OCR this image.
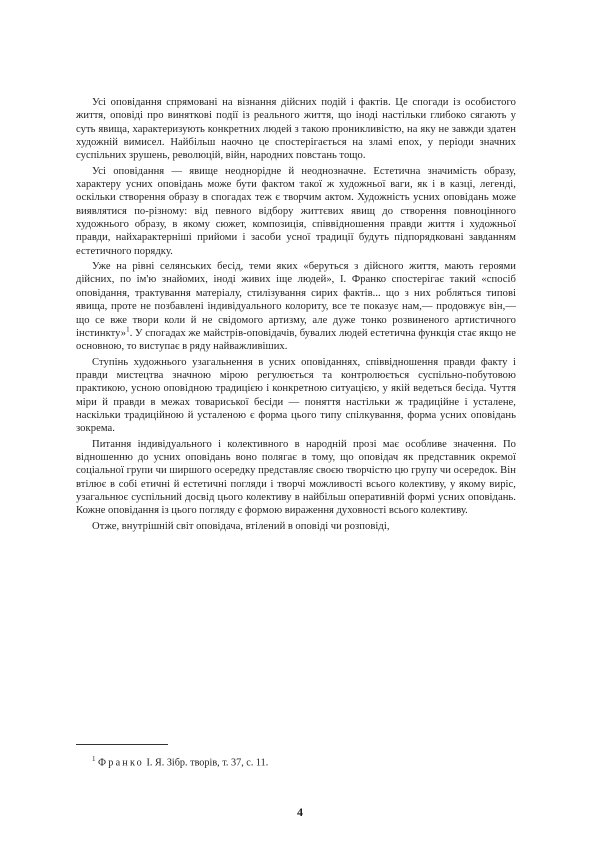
Усі оповідання спрямовані на візнання дійсних подій і фактів. Це спогади із особистого життя, оповіді про винятковi події із реального життя, що іноді настільки глибоко сягають у суть явища, характеризують конкретних людей з такою проникливістю, на яку не завжди здатен художній вимисел. Найбільш наочно це спостерігається на зламі епох, у періоди значних суспільних зрушень, революцій, війн, народних повстань тощо.

Усі оповідання — явище неоднорідне й неоднозначне. Естетична значимість образу, характеру усних оповідань може бути фактом такої ж художньої ваги, як і в казці, легенді, оскільки створення образу в спогадах теж є творчим актом. Художність усних оповідань може виявлятися по-різному: від певного відбору життєвих явищ до створення повноцінного художнього образу, в якому сюжет, композиція, співвідношення правди життя і художньої правди, найхарактерніші прийоми і засоби усної традиції будуть підпорядковані завданням естетичного порядку.

Уже на рівні селянських бесід, теми яких «беруться з дійсного життя, мають героями дійсних, по ім'ю знайомих, іноді живих іще людей», І. Франко спостерігає такий «спосіб оповідання, трактування матеріалу, стилізування сирих фактів... що з них робляться типові явища, проте не позбавлені індивідуального колориту, все те показує нам,— продовжує він,— що се вже твори коли й не свідомого артизму, але дуже тонко розвиненого артистичного інстинкту»$^1$. У спогадах же майстрів-оповідачів, бувалих людей естетична функція стає якщо не основною, то виступає в ряду найважливіших.

Ступінь художнього узагальнення в усних оповіданнях, співвідношення правди факту і правди мистецтва значною мірою регулюється та контролюється суспільно-побутовою практикою, усною оповідною традицією і конкретною ситуацією, у якій ведеться бесіда. Чуття міри й правди в межах товариської бесіди — поняття настільки ж традиційне і усталене, наскільки традиційною й усталеною є форма цього типу спілкування, форма усних оповідань зокрема.

Питання індивідуального і колективного в народній прозі має особливе значення. По відношенню до усних оповідань воно полягає в тому, що оповідач як представник окремої соціальної групи чи ширшого осередку представляє своєю творчістю цю групу чи осередок. Він втілює в собі етичні й естетичні погляди і творчі можливості всього колективу, у якому виріс, узагальнює суспільний досвід цього колективу в найбільш оперативній формі усних оповідань. Кожне оповідання із цього погляду є формою вираження духовності всього колективу.

Отже, внутрішній світ оповідача, втілений в оповіді чи розповіді,

$^1$ Франко І. Я. Зібр. творів, т. 37, с. 11.
4
